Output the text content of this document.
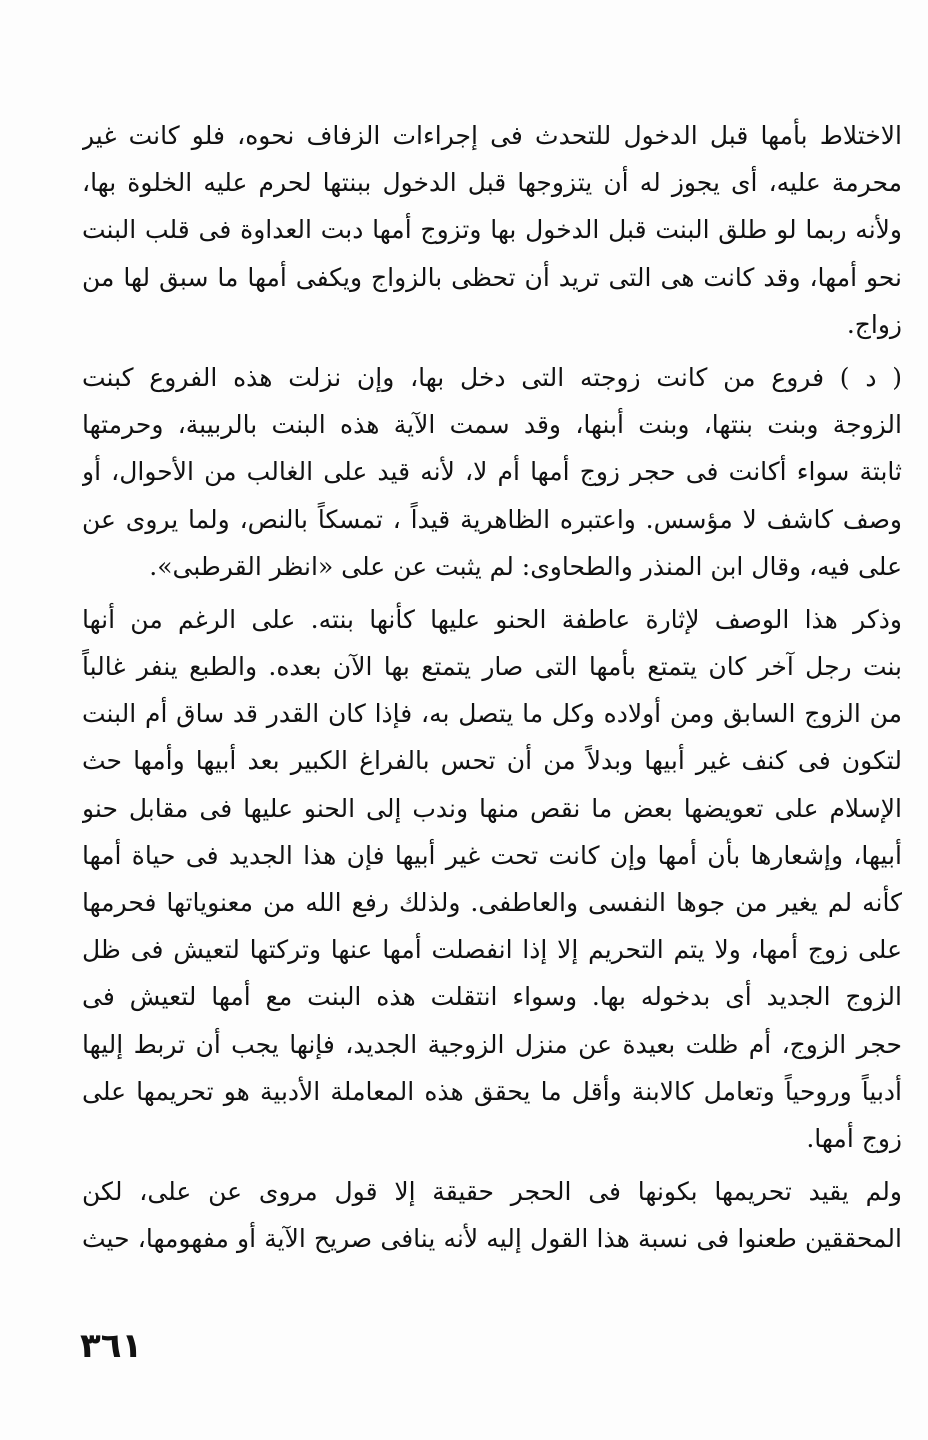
الاختلاط بأمها قبل الدخول للتحدث فى إجراءات الزفاف نحوه، فلو كانت غير
محرمة عليه، أى يجوز له أن يتزوجها قبل الدخول ببنتها لحرم عليه الخلوة بها،
ولأنه ربما لو طلق البنت قبل الدخول بها وتزوج أمها دبت العداوة فى قلب البنت
نحو أمها، وقد كانت هى التى تريد أن تحظى بالزواج ويكفى أمها ما سبق لها من
زواج.
( د ) فروع من كانت زوجته التى دخل بها، وإن نزلت هذه الفروع كبنت
الزوجة وبنت بنتها، وبنت أبنها، وقد سمت الآية هذه البنت بالربيبة، وحرمتها
ثابتة سواء أكانت فى حجر زوج أمها أم لا، لأنه قيد على الغالب من الأحوال، أو
وصف كاشف لا مؤسس. واعتبره الظاهرية قيداً ، تمسكاً بالنص، ولما يروى عن
على فيه، وقال ابن المنذر والطحاوى: لم يثبت عن على «انظر القرطبى».
وذكر هذا الوصف لإثارة عاطفة الحنو عليها كأنها بنته. على الرغم من أنها
بنت رجل آخر كان يتمتع بأمها التى صار يتمتع بها الآن بعده. والطبع ينفر غالباً
من الزوج السابق ومن أولاده وكل ما يتصل به، فإذا كان القدر قد ساق أم البنت
لتكون فى كنف غير أبيها وبدلاً من أن تحس بالفراغ الكبير بعد أبيها وأمها حث
الإسلام على تعويضها بعض ما نقص منها وندب إلى الحنو عليها فى مقابل حنو
أبيها، وإشعارها بأن أمها وإن كانت تحت غير أبيها فإن هذا الجديد فى حياة أمها
كأنه لم يغير من جوها النفسى والعاطفى. ولذلك رفع الله من معنوياتها فحرمها
على زوج أمها، ولا يتم التحريم إلا إذا انفصلت أمها عنها وتركتها لتعيش فى ظل
الزوج الجديد أى بدخوله بها. وسواء انتقلت هذه البنت مع أمها لتعيش فى
حجر الزوج، أم ظلت بعيدة عن منزل الزوجية الجديد، فإنها يجب أن تربط إليها
أدبياً وروحياً وتعامل كالابنة وأقل ما يحقق هذه المعاملة الأدبية هو تحريمها على
زوج أمها.
ولم يقيد تحريمها بكونها فى الحجر حقيقة إلا قول مروى عن على، لكن
المحققين طعنوا فى نسبة هذا القول إليه لأنه ينافى صريح الآية أو مفهومها، حيث
٣٦١
